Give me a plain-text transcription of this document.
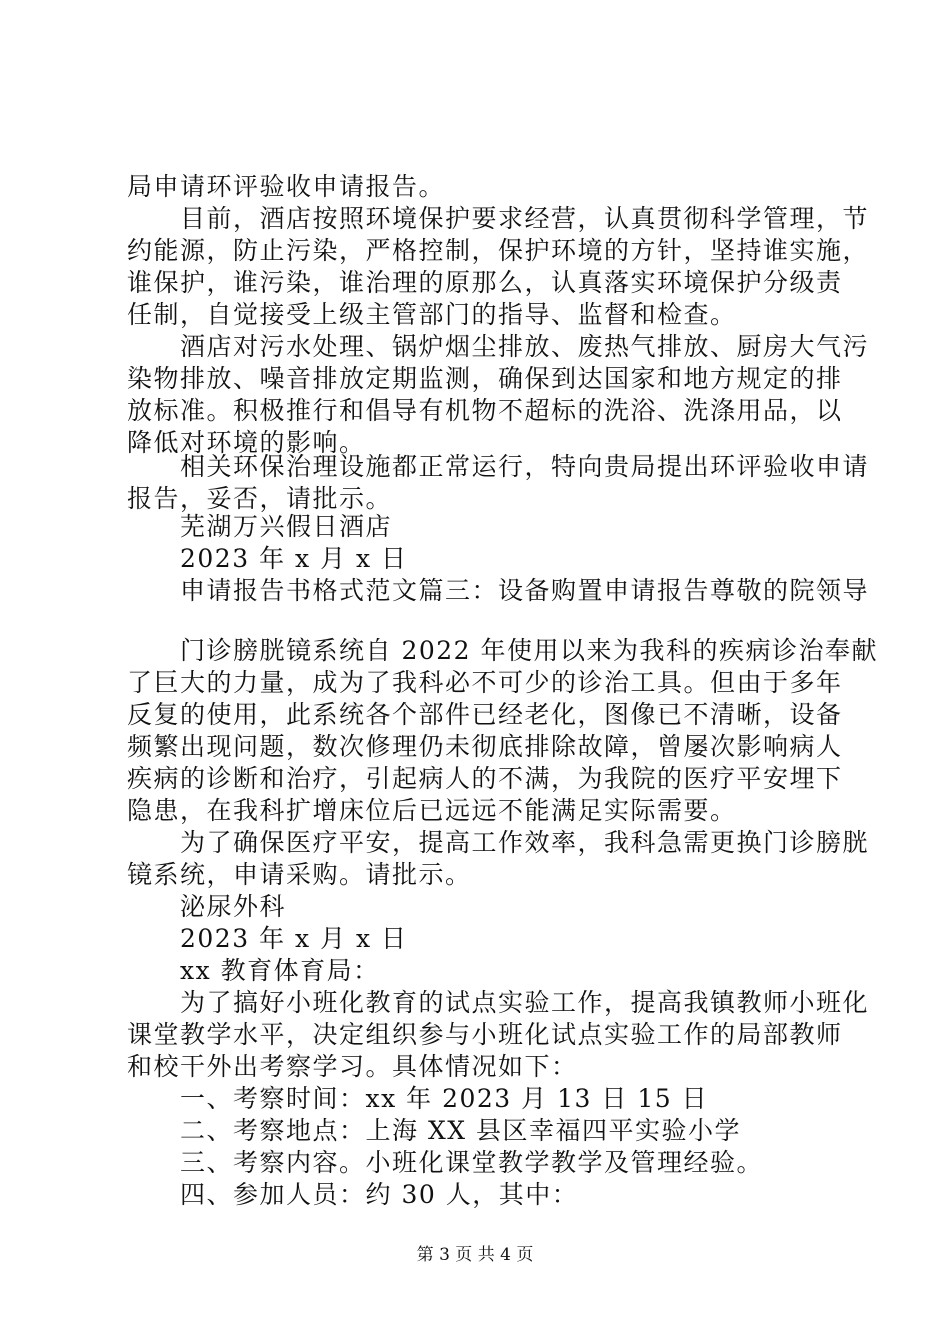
局申请环评验收申请报告。
目前，酒店按照环境保护要求经营，认真贯彻科学管理，节
约能源，防止污染，严格控制，保护环境的方针，坚持谁实施，
谁保护，谁污染，谁治理的原那么，认真落实环境保护分级责
任制，自觉接受上级主管部门的指导、监督和检查。
酒店对污水处理、锅炉烟尘排放、废热气排放、厨房大气污
染物排放、噪音排放定期监测，确保到达国家和地方规定的排
放标准。积极推行和倡导有机物不超标的洗浴、洗涤用品，以
降低对环境的影响。
相关环保治理设施都正常运行，特向贵局提出环评验收申请
报告，妥否，请批示。
芜湖万兴假日酒店
2023 年 x 月 x 日
申请报告书格式范文篇三：设备购置申请报告尊敬的院领导
门诊膀胱镜系统自 2022 年使用以来为我科的疾病诊治奉献
了巨大的力量，成为了我科必不可少的诊治工具。但由于多年
反复的使用，此系统各个部件已经老化，图像已不清晰，设备
频繁出现问题，数次修理仍未彻底排除故障，曾屡次影响病人
疾病的诊断和治疗，引起病人的不满，为我院的医疗平安埋下
隐患，在我科扩增床位后已远远不能满足实际需要。
为了确保医疗平安，提高工作效率，我科急需更换门诊膀胱
镜系统，申请采购。请批示。
泌尿外科
2023 年 x 月 x 日
xx 教育体育局：
为了搞好小班化教育的试点实验工作，提高我镇教师小班化
课堂教学水平，决定组织参与小班化试点实验工作的局部教师
和校干外出考察学习。具体情况如下：
一、考察时间：xx 年 2023 月 13 日 15 日
二、考察地点：上海 XX 县区幸福四平实验小学
三、考察内容。小班化课堂教学教学及管理经验。
四、参加人员：约 30 人，其中：
第 3 页 共 4 页
